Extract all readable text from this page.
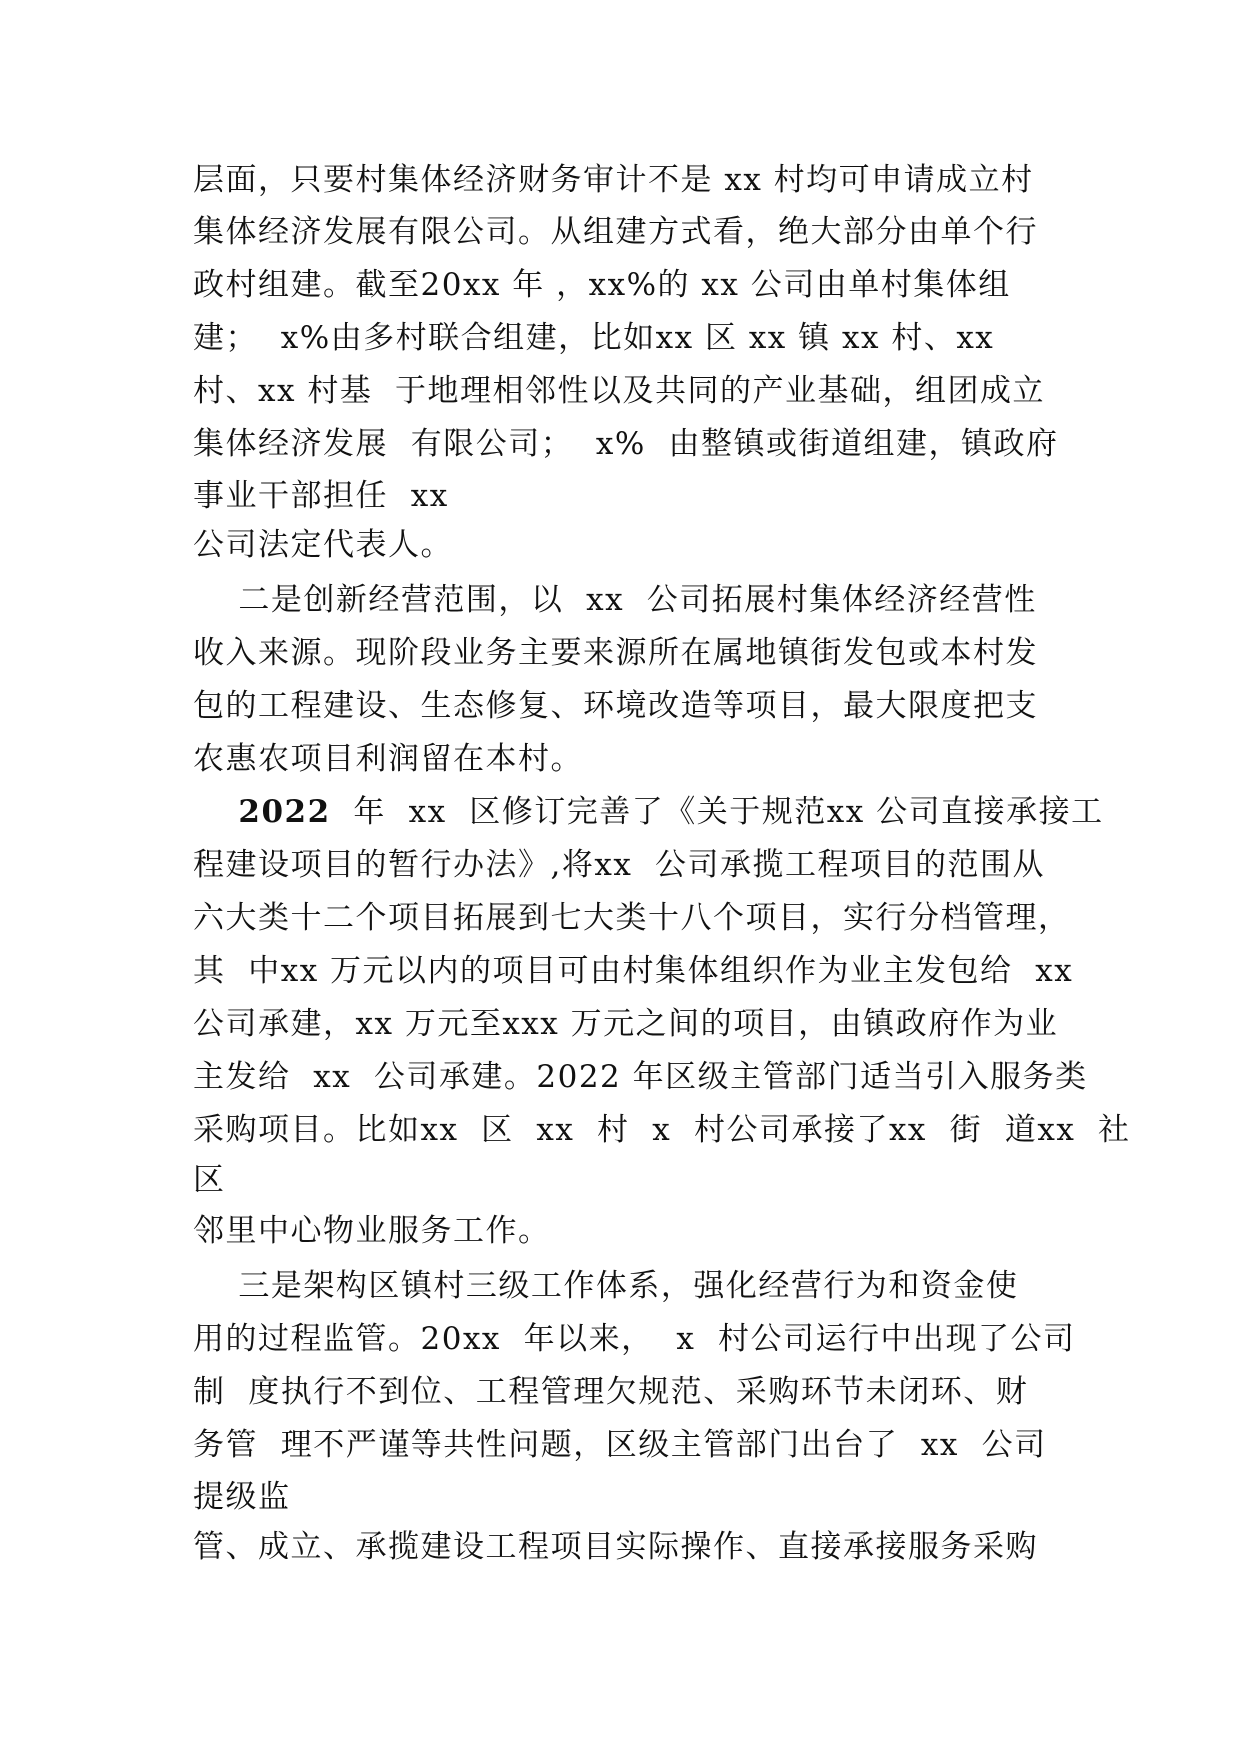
层面，只要村集体经济财务审计不是 xx 村均可申请成立村
集体经济发展有限公司。从组建方式看，绝大部分由单个行
政村组建。截至20xx 年 ，xx%的 xx 公司由单村集体组
建；  x%由多村联合组建，比如xx 区 xx 镇 xx 村、xx
村、xx 村基  于地理相邻性以及共同的产业基础，组团成立
集体经济发展  有限公司；  x%  由整镇或街道组建，镇政府
事业干部担任  xx
公司法定代表人。
二是创新经营范围，以  xx  公司拓展村集体经济经营性
收入来源。现阶段业务主要来源所在属地镇街发包或本村发
包的工程建设、生态修复、环境改造等项目，最大限度把支
农惠农项目利润留在本村。
2022 年  xx  区修订完善了《关于规范xx 公司直接承接工
程建设项目的暂行办法》,将xx  公司承揽工程项目的范围从
六大类十二个项目拓展到七大类十八个项目，实行分档管理，
其  中xx 万元以内的项目可由村集体组织作为业主发包给  xx
公司承建，xx 万元至xxx 万元之间的项目，由镇政府作为业
主发给  xx  公司承建。2022 年区级主管部门适当引入服务类
采购项目。比如xx  区  xx  村  x  村公司承接了xx  街  道xx  社
区
邻里中心物业服务工作。
三是架构区镇村三级工作体系，强化经营行为和资金使
用的过程监管。20xx  年以来，  x  村公司运行中出现了公司
制  度执行不到位、工程管理欠规范、采购环节未闭环、财
务管  理不严谨等共性问题，区级主管部门出台了  xx  公司
提级监
管、成立、承揽建设工程项目实际操作、直接承接服务采购
